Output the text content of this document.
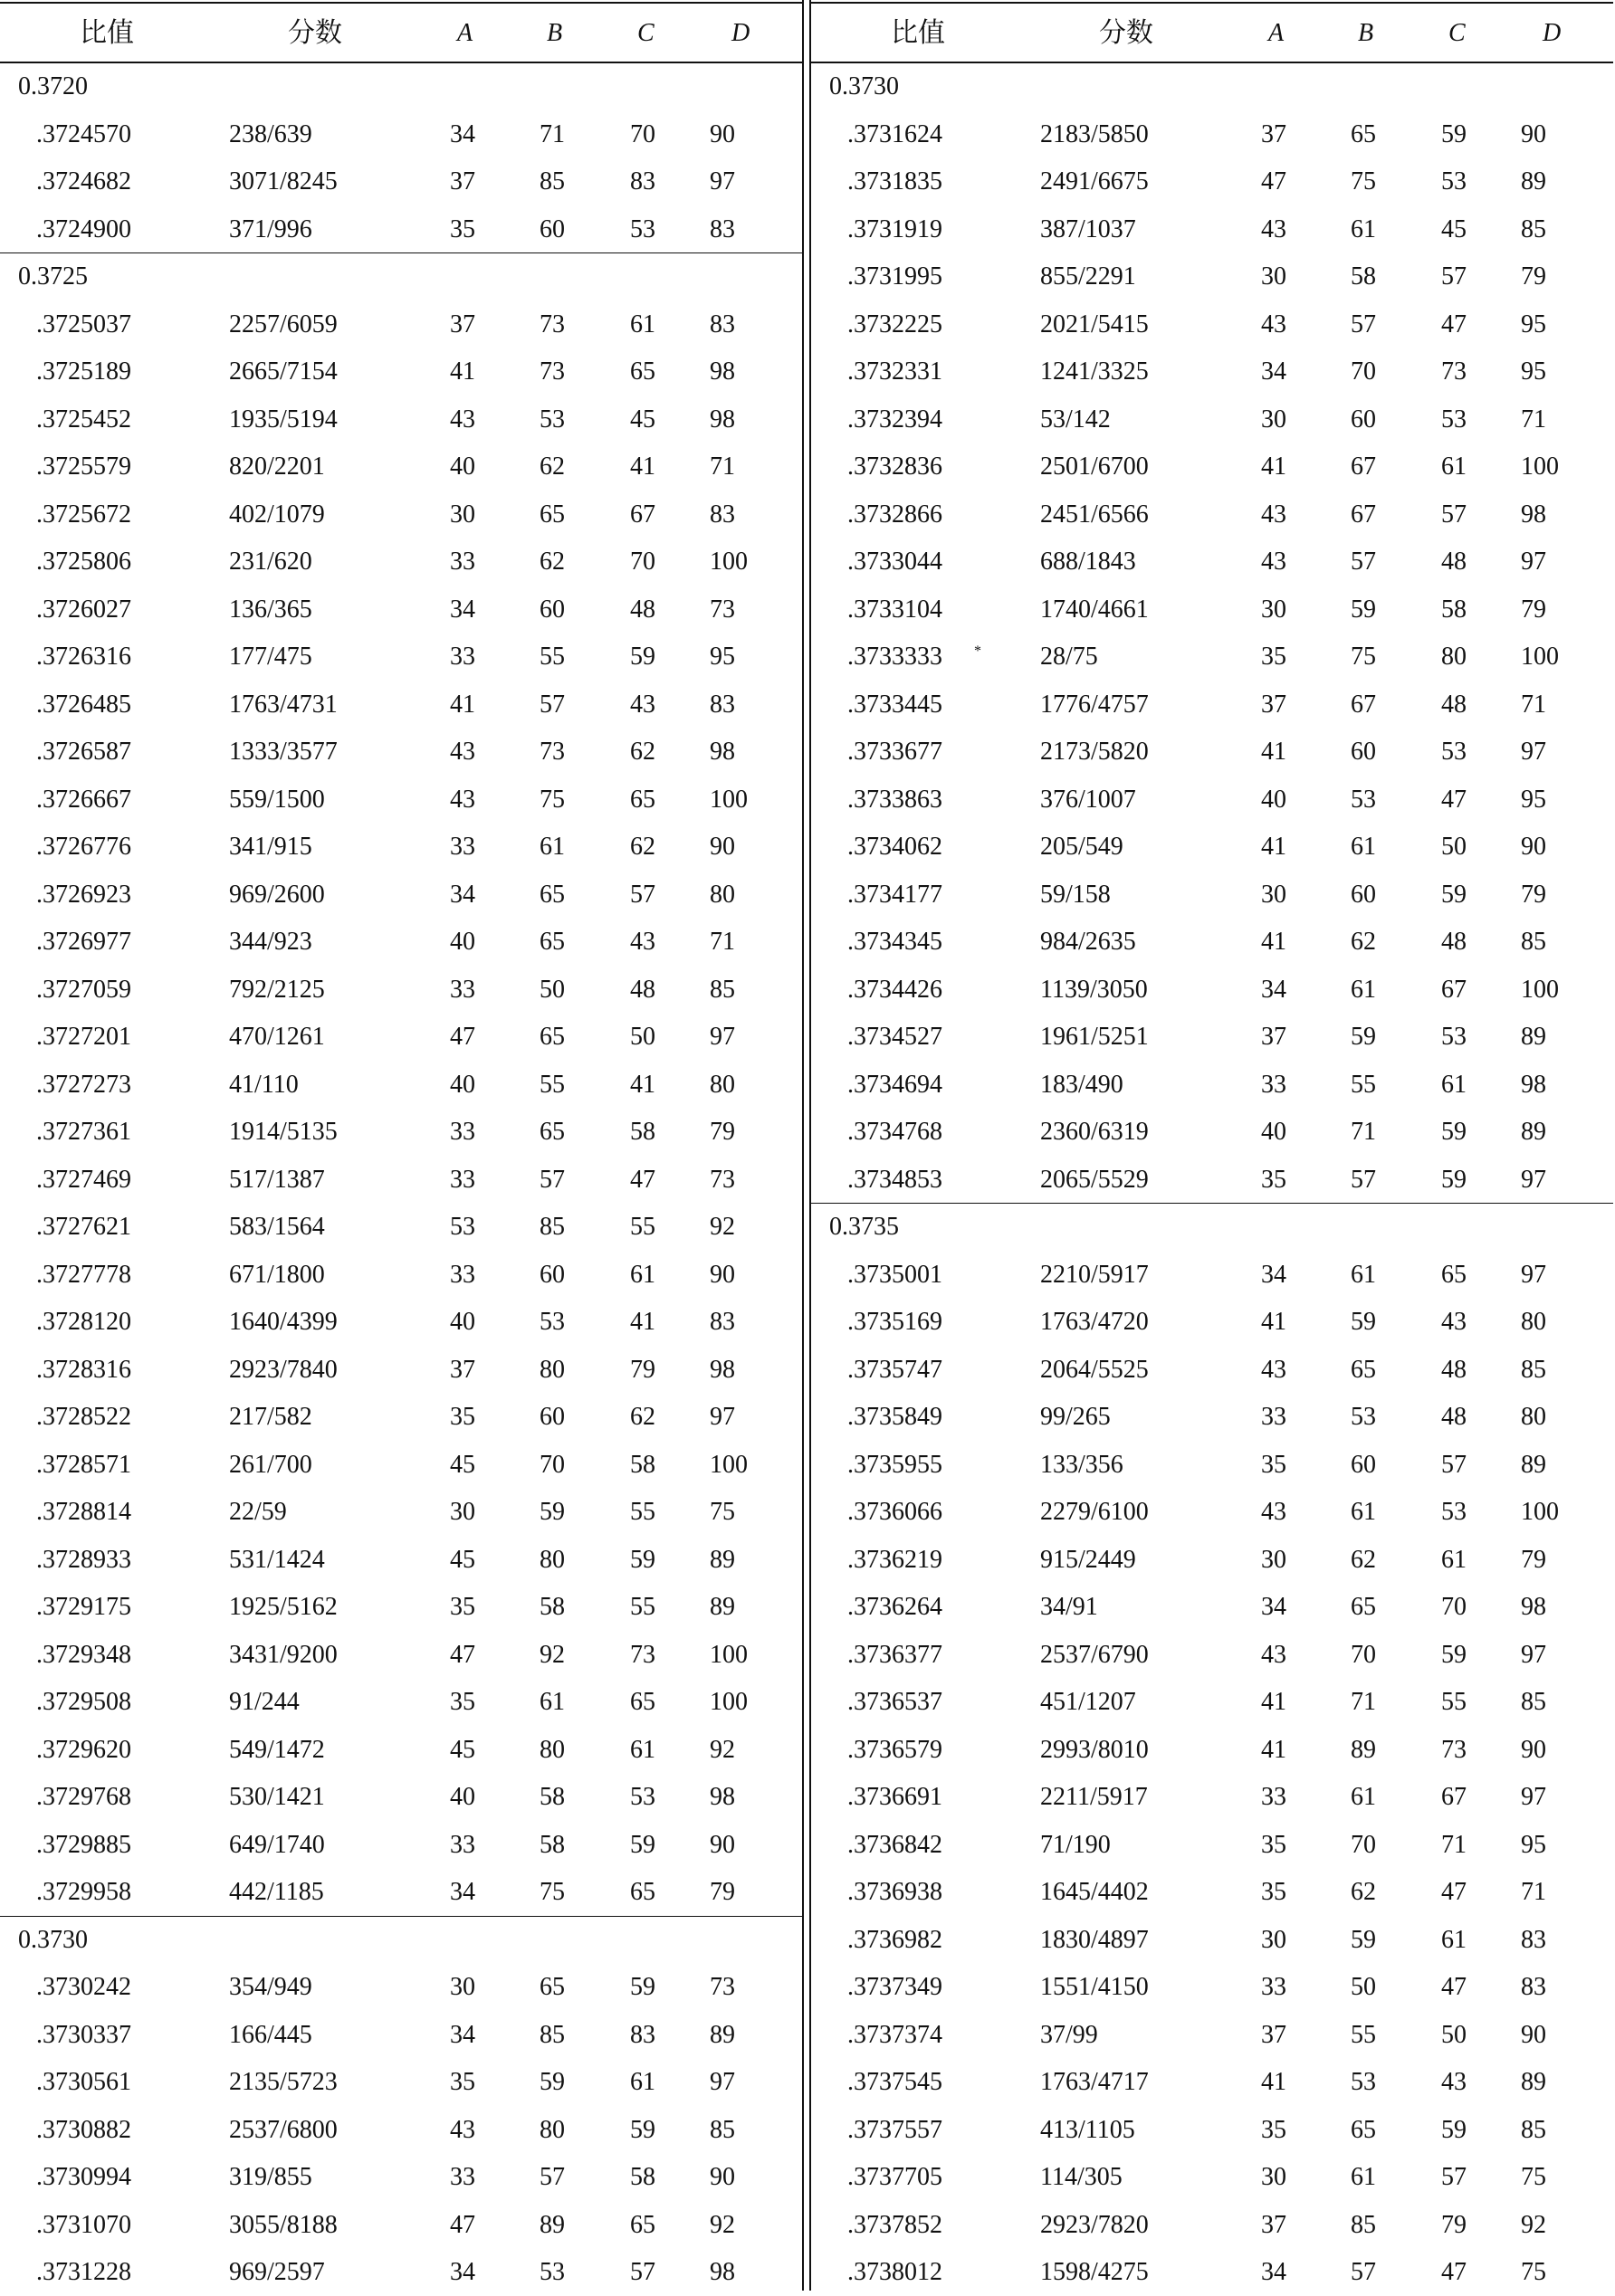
比值	分数	A	B	C	D
0.3720
.3724570	238/639	34	71	70 90
.3724682	3071/8245	37	85	83 97
.3724900	371/996	35	60	53 83
0.3725
.3725037	2257/6059	37	73	61 83
.3725189	2665/7154	41	73	65 98
.3725452	1935/5194	43	53	45 98
.3725579	820/2201	40	62	41 71
.3725672	402/1079	30	65	67 83
.3725806	231/620	33	62	70 100
.3726027	136/365	34	60	48 73
.3726316	177/475	33	55	59 95
.3726485	1763/4731	41	57	43 83
.3726587	1333/3577	43	73	62 98
.3726667	559/1500	43	75	65 100
.3726776	341/915	33	61	62 90
.3726923	969/2600	34	65	57 80
.3726977	344/923	40	65	43 71
.3727059	792/2125	33	50	48 85
.3727201	470/1261	47	65	50 97
.3727273	41/110	40	55	41 80
.3727361	1914/5135	33	65	58 79
.3727469	517/1387	33	57	47 73
.3727621	583/1564	53	85	55 92
.3727778	671/1800	33	60	61 90
.3728120	1640/4399	40	53	41 83
.3728316	2923/7840	37	80	79 98
.3728522	217/582	35	60	62 97
.3728571	261/700	45	70	58 100
.3728814	22/59	30	59	55 75
.3728933	531/1424	45	80	59 89
.3729175	1925/5162	35	58	55 89
.3729348	3431/9200	47	92	73 100
.3729508	91/244	35	61	65 100
.3729620	549/1472	45	80	61 92
.3729768	530/1421	40	58	53 98
.3729885	649/1740	33	58	59 90
.3729958	442/1185	34	75	65 79
0.3730
.3730242	354/949	30	65	59 73
.3730337	166/445	34	85	83 89
.3730561	2135/5723	35	59	61 97
.3730882	2537/6800	43	80	59 85
.3730994	319/855	33	57	58 90
.3731070	3055/8188	47	89	65 92
.3731228	969/2597	34	53	57 98
比值	分数	A	B	C	D
0.3730
.3731624	2183/5850	37	65	59 90
.3731835	2491/6675	47	75	53 89
.3731919	387/1037	43	61	45 85
.3731995	855/2291	30	58	57 79
.3732225	2021/5415	43	57	47 95
.3732331	1241/3325	34	70	73 95
.3732394	53/142	30	60	53 71
.3732836	2501/6700	41	67	61 100
.3732866	2451/6566	43	67	57 98
.3733044	688/1843	43	57	48 97
.3733104	1740/4661	30	59	58 79
.3733333	28/75	35	75	80 100
*
.3733445	1776/4757	37	67	48 71
.3733677	2173/5820	41	60	53 97
.3733863	376/1007	40	53	47 95
.3734062	205/549	41	61	50 90
.3734177	59/158	30	60	59 79
.3734345	984/2635	41	62	48 85
.3734426	1139/3050	34	61	67 100
.3734527	1961/5251	37	59	53 89
.3734694	183/490	33	55	61 98
.3734768	2360/6319	40	71	59 89
.3734853	2065/5529	35	57	59 97
0.3735
.3735001	2210/5917	34	61	65 97
.3735169	1763/4720	41	59	43 80
.3735747	2064/5525	43	65	48 85
.3735849	99/265	33	53	48 80
.3735955	133/356	35	60	57 89
.3736066	2279/6100	43	61	53 100
.3736219	915/2449	30	62	61 79
.3736264	34/91	34	65	70 98
.3736377	2537/6790	43	70	59 97
.3736537	451/1207	41	71	55 85
.3736579	2993/8010	41	89	73 90
.3736691	2211/5917	33	61	67 97
.3736842	71/190	35	70	71 95
.3736938	1645/4402	35	62	47 71
.3736982	1830/4897	30	59	61 83
.3737349	1551/4150	33	50	47 83
.3737374	37/99	37	55	50 90
.3737545	1763/4717	41	53	43 89
.3737557	413/1105	35	65	59 85
.3737705	114/305	30	61	57 75
.3737852	2923/7820	37	85	79 92
.3738012	1598/4275	34	57	47 75
